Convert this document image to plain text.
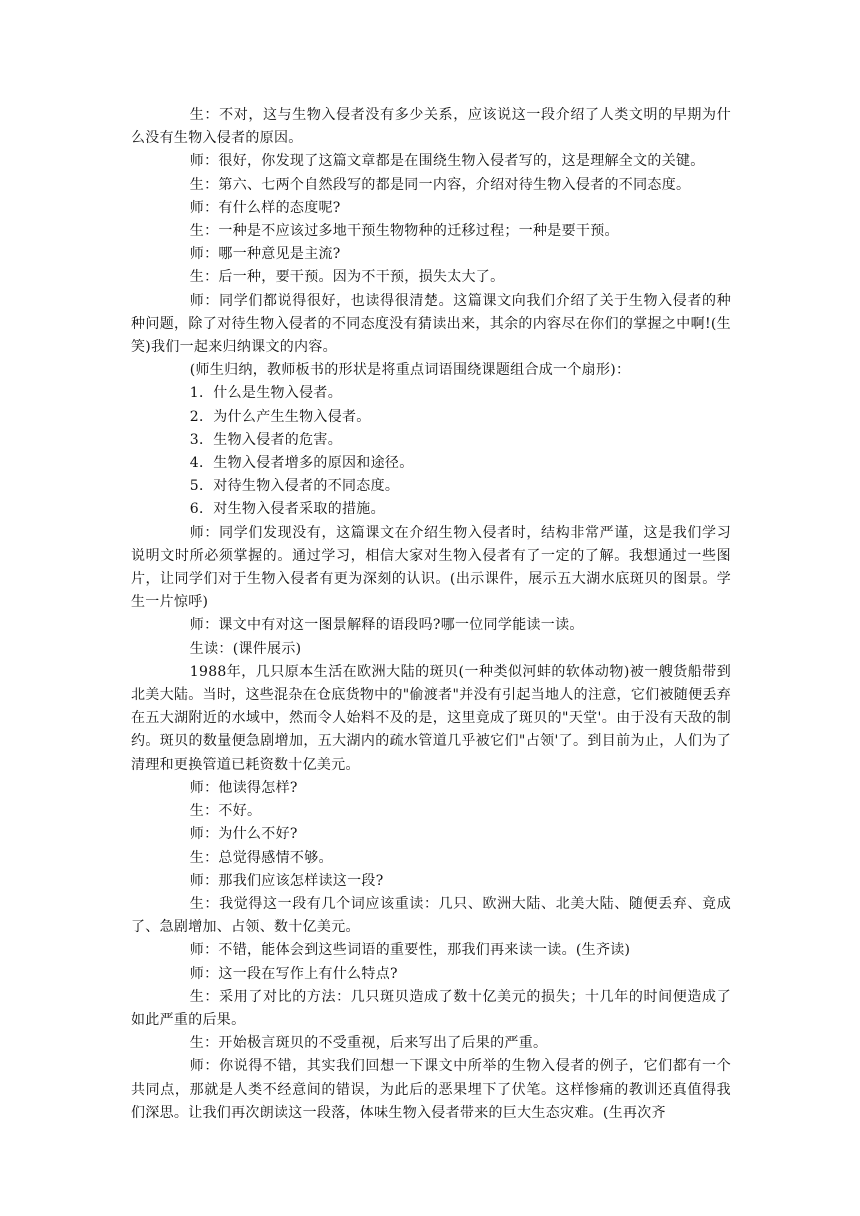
生：不对，这与生物入侵者没有多少关系，应该说这一段介绍了人类文明的早期为什么没有生物入侵者的原因。

师：很好，你发现了这篇文章都是在围绕生物入侵者写的，这是理解全文的关键。

生：第六、七两个自然段写的都是同一内容，介绍对待生物入侵者的不同态度。

师：有什么样的态度呢?

生：一种是不应该过多地干预生物物种的迁移过程；一种是要干预。

师：哪一种意见是主流?

生：后一种，要干预。因为不干预，损失太大了。

师：同学们都说得很好，也读得很清楚。这篇课文向我们介绍了关于生物入侵者的种种问题，除了对待生物入侵者的不同态度没有猜读出来，其余的内容尽在你们的掌握之中啊!(生笑)我们一起来归纳课文的内容。

(师生归纳，教师板书的形状是将重点词语围绕课题组合成一个扇形)：

1．什么是生物入侵者。

2．为什么产生生物入侵者。

3．生物入侵者的危害。

4．生物入侵者增多的原因和途径。

5．对待生物入侵者的不同态度。

6．对生物入侵者采取的措施。

师：同学们发现没有，这篇课文在介绍生物入侵者时，结构非常严谨，这是我们学习说明文时所必须掌握的。通过学习，相信大家对生物入侵者有了一定的了解。我想通过一些图片，让同学们对于生物入侵者有更为深刻的认识。(出示课件，展示五大湖水底斑贝的图景。学生一片惊呼)

师：课文中有对这一图景解释的语段吗?哪一位同学能读一读。

生读：(课件展示)

1988年，几只原本生活在欧洲大陆的斑贝(一种类似河蚌的软体动物)被一艘货船带到北美大陆。当时，这些混杂在仓底货物中的"偷渡者"并没有引起当地人的注意，它们被随便丢弃在五大湖附近的水域中，然而令人始料不及的是，这里竟成了斑贝的"天堂'。由于没有天敌的制约。斑贝的数量便急剧增加，五大湖内的疏水管道几乎被它们"占领'了。到目前为止，人们为了清理和更换管道已耗资数十亿美元。

师：他读得怎样?

生：不好。

师：为什么不好?

生：总觉得感情不够。

师：那我们应该怎样读这一段?

生：我觉得这一段有几个词应该重读：几只、欧洲大陆、北美大陆、随便丢弃、竟成了、急剧增加、占领、数十亿美元。

师：不错，能体会到这些词语的重要性，那我们再来读一读。(生齐读)

师：这一段在写作上有什么特点?

生：采用了对比的方法：几只斑贝造成了数十亿美元的损失；十几年的时间便造成了如此严重的后果。

生：开始极言斑贝的不受重视，后来写出了后果的严重。

师：你说得不错，其实我们回想一下课文中所举的生物入侵者的例子，它们都有一个共同点，那就是人类不经意间的错误，为此后的恶果埋下了伏笔。这样惨痛的教训还真值得我们深思。让我们再次朗读这一段落，体味生物入侵者带来的巨大生态灾难。(生再次齐
